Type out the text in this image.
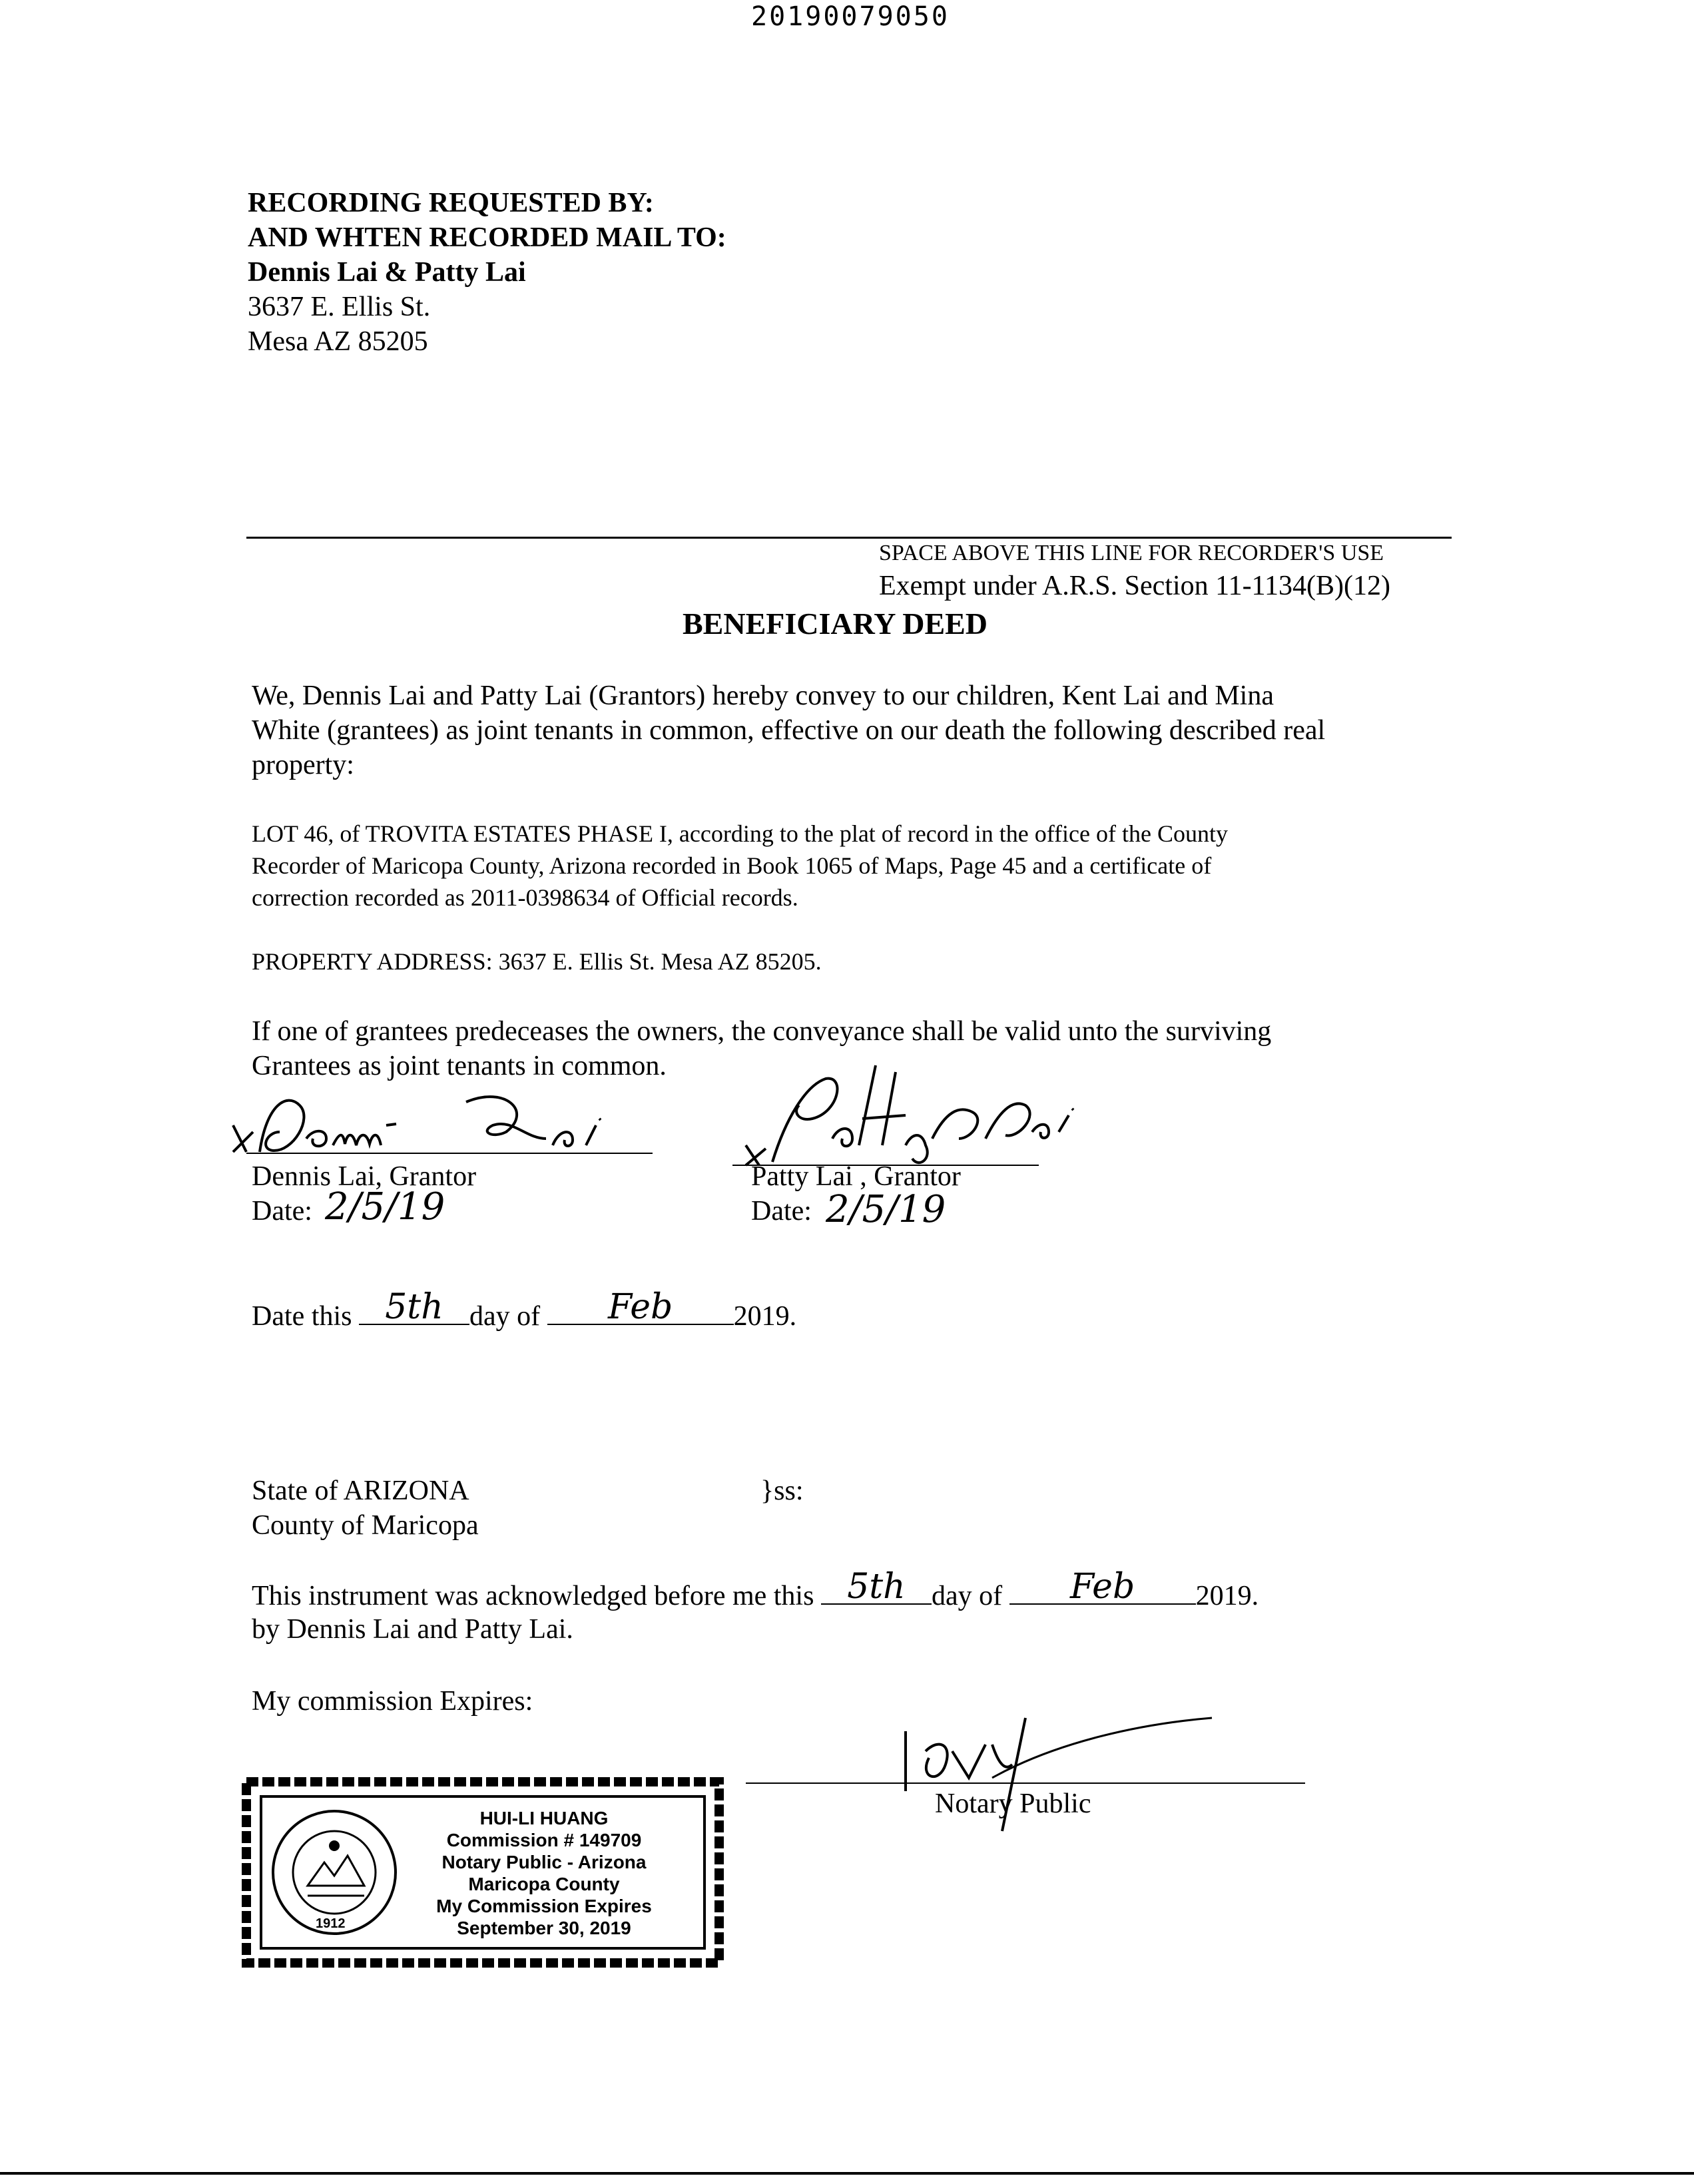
20190079050
RECORDING REQUESTED BY:
AND WHTEN RECORDED MAIL TO:
Dennis Lai & Patty Lai
3637 E. Ellis St.
Mesa AZ 85205
SPACE ABOVE THIS LINE FOR RECORDER'S USE
Exempt under A.R.S. Section 11-1134(B)(12)
BENEFICIARY DEED
We, Dennis Lai and Patty Lai (Grantors) hereby convey to our children, Kent Lai and Mina
White (grantees) as joint tenants in common, effective on our death the following described real
property:
LOT 46, of TROVITA ESTATES PHASE I, according to the plat of record in the office of the County
Recorder of Maricopa County, Arizona recorded in Book 1065 of Maps, Page 45 and a certificate of
correction recorded as 2011-0398634 of Official records.
PROPERTY ADDRESS: 3637 E. Ellis St. Mesa AZ 85205.
If one of grantees predeceases the owners, the conveyance shall be valid unto the surviving
Grantees as joint tenants in common.
Dennis Lai, Grantor
Date: 2/5/19
Patty Lai , Grantor
Date: 2/5/19
Date this 5th day of	Feb	2019.
State of ARIZONA	}ss:
County of Maricopa
This instrument was acknowledged before me this 5th day of	Feb	2019.
by Dennis Lai and Patty Lai.
My commission Expires:
Notary Public
1912
HUI-LI HUANG
Commission # 149709
Notary Public - Arizona
Maricopa County
My Commission Expires
September 30, 2019
